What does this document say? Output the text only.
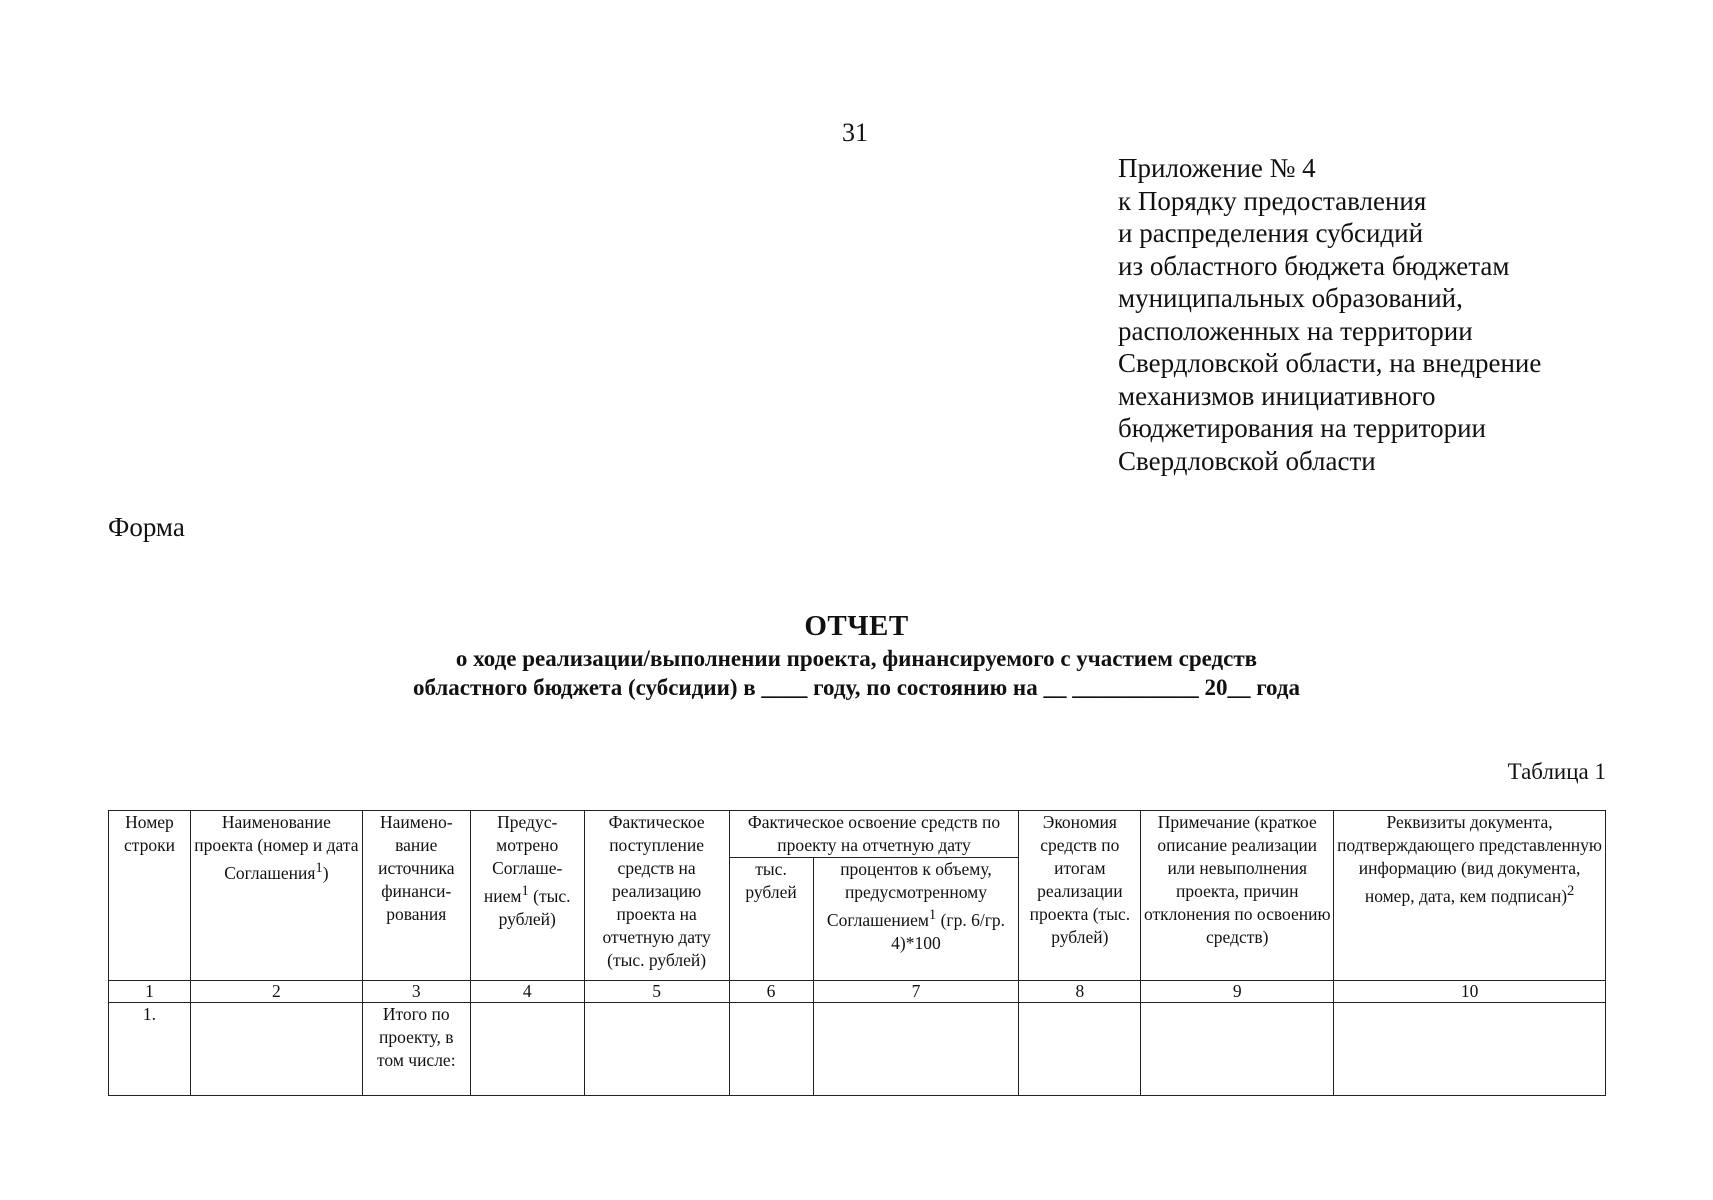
31
Приложение № 4
к Порядку предоставления
и распределения субсидий
из областного бюджета бюджетам
муниципальных образований,
расположенных на территории
Свердловской области, на внедрение
механизмов инициативного
бюджетирования на территории
Свердловской области
Форма
ОТЧЕТ
о ходе реализации/выполнении проекта, финансируемого с участием средств
областного бюджета (субсидии) в ____ году, по состоянию на __ ___________ 20__ года
Таблица 1
Номер строки	Наименование проекта (номер и дата Соглашения$^1$)	Наимено-вание источника финанси-рования	Предус-мотрено Соглаше-нием$^1$ (тыс. рублей)	Фактическое поступление средств на реализацию проекта на отчетную дату (тыс. рублей)	Фактическое освоение средств по проекту на отчетную дату		Экономия средств по итогам реализации проекта (тыс. рублей)	Примечание (краткое описание реализации или невыполнения проекта, причин отклонения по освоению средств)	Реквизиты документа, подтверждающего представленную информацию (вид документа, номер, дата, кем подписан)$^2$
					тыс. рублей	процентов к объему, предусмотренному Соглашением$^1$ (гр. 6/гр. 4)*100			
1	2	3	4	5	6	7	8	9	10
1.		Итого по проекту, в том числе:							
